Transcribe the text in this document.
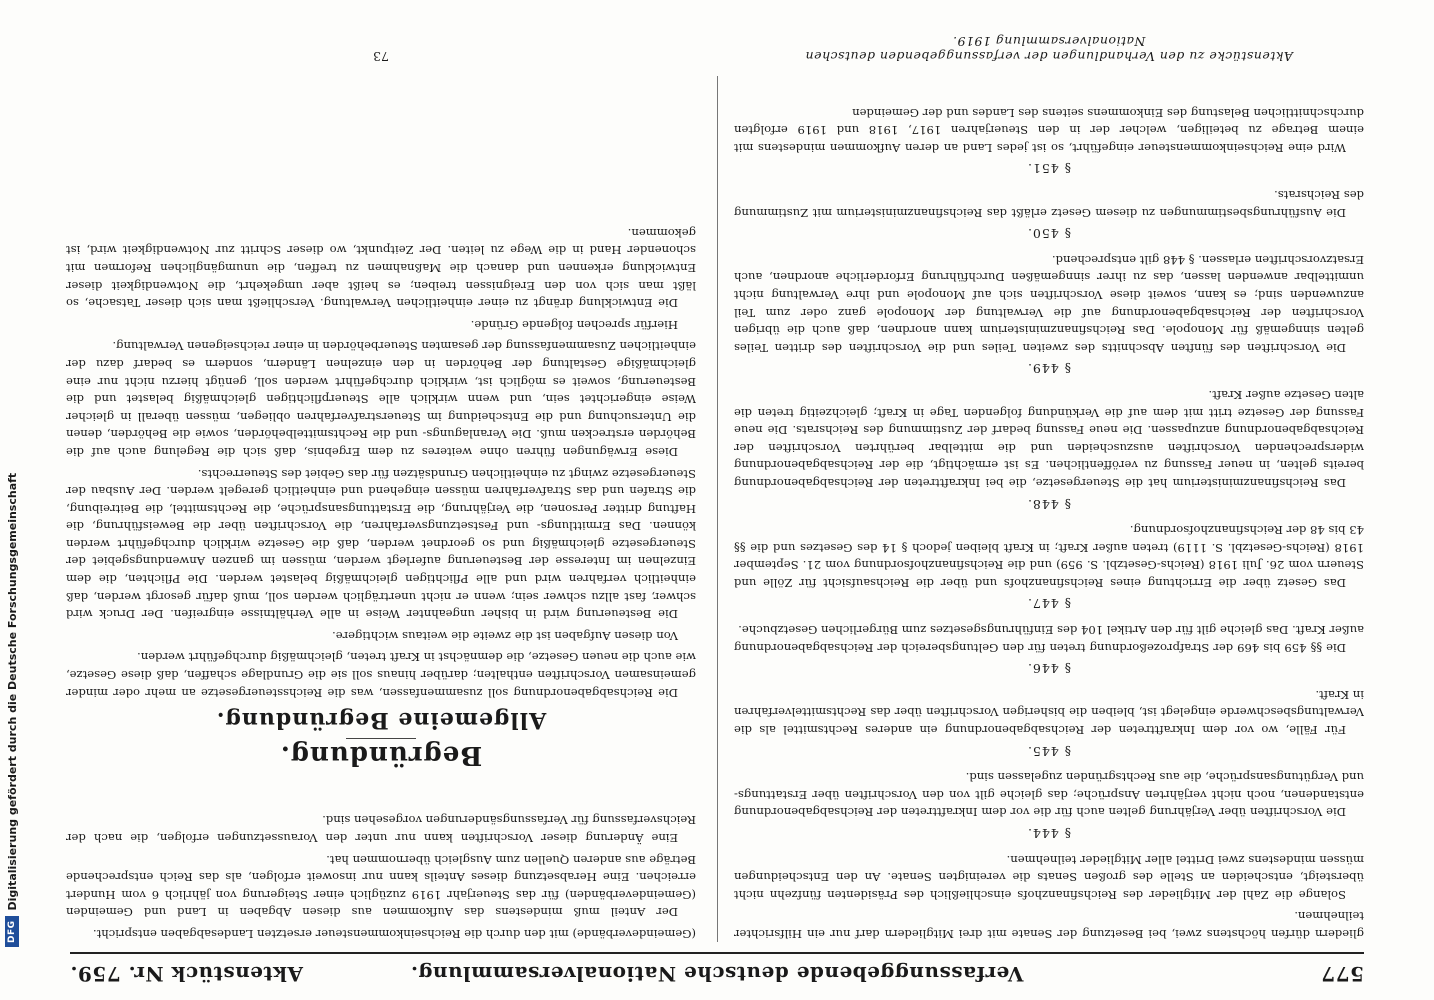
577
Verfassunggebende deutsche Nationalversammlung.
Aktenstück Nr. 759.

gliedern dürfen höchstens zwei, bei Besetzung der Senate mit drei Mitgliedern darf nur ein Hilfsrichter teilnehmen.

Solange die Zahl der Mitglieder des Reichsfinanzhofs einschließlich des Präsidenten fünfzehn nicht übersteigt, entscheiden an Stelle des großen Senats die vereinigten Senate. An den Entscheidungen müssen mindestens zwei Drittel aller Mitglieder teilnehmen.

§ 444.

Die Vorschriften über Verjährung gelten auch für die vor dem Inkrafttreten der Reichsabgabenordnung entstandenen, noch nicht verjährten Ansprüche; das gleiche gilt von den Vorschriften über Erstattungs- und Vergütungsansprüche, die aus Rechtsgründen zugelassen sind.

§ 445.

Für Fälle, wo vor dem Inkrafttreten der Reichsabgabenordnung ein anderes Rechtsmittel als die Verwaltungsbeschwerde eingelegt ist, bleiben die bisherigen Vorschriften über das Rechtsmittelverfahren in Kraft.

§ 446.

Die §§ 459 bis 469 der Strafprozeßordnung treten für den Geltungsbereich der Reichsabgabenordnung außer Kraft. Das gleiche gilt für den Artikel 104 des Einführungsgesetzes zum Bürgerlichen Gesetzbuche.

§ 447.

Das Gesetz über die Errichtung eines Reichsfinanzhofs und über die Reichsaufsicht für Zölle und Steuern vom 26. Juli 1918 (Reichs-Gesetzbl. S. 959) und die Reichsfinanzhofsordnung vom 21. September 1918 (Reichs-Gesetzbl. S. 1119) treten außer Kraft; in Kraft bleiben jedoch § 14 des Gesetzes und die §§ 43 bis 48 der Reichsfinanzhofsordnung.

§ 448.

Das Reichsfinanzministerium hat die Steuergesetze, die bei Inkrafttreten der Reichsabgabenordnung bereits gelten, in neuer Fassung zu veröffentlichen. Es ist ermächtigt, die der Reichsabgabenordnung widersprechenden Vorschriften auszuscheiden und die mittelbar berührten Vorschriften der Reichsabgabenordnung anzupassen. Die neue Fassung bedarf der Zustimmung des Reichsrats. Die neue Fassung der Gesetze tritt mit dem auf die Verkündung folgenden Tage in Kraft; gleichzeitig treten die alten Gesetze außer Kraft.

§ 449.

Die Vorschriften des fünften Abschnitts des zweiten Teiles und die Vorschriften des dritten Teiles gelten sinngemäß für Monopole. Das Reichsfinanzministerium kann anordnen, daß auch die übrigen Vorschriften der Reichsabgabenordnung auf die Verwaltung der Monopole ganz oder zum Teil anzuwenden sind; es kann, soweit diese Vorschriften sich auf Monopole und ihre Verwaltung nicht unmittelbar anwenden lassen, das zu ihrer sinngemäßen Durchführung Erforderliche anordnen, auch Ersatzvorschriften erlassen. § 448 gilt entsprechend.

§ 450.

Die Ausführungsbestimmungen zu diesem Gesetz erläßt das Reichsfinanzministerium mit Zustimmung des Reichsrats.

§ 451.

Wird eine Reichseinkommensteuer eingeführt, so ist jedes Land an deren Aufkommen mindestens mit einem Betrage zu beteiligen, welcher der in den Steuerjahren 1917, 1918 und 1919 erfolgten durchschnittlichen Belastung des Einkommens seitens des Landes und der Gemeinden

(Gemeindeverbände) mit den durch die Reichseinkommensteuer ersetzten Landesabgaben entspricht.

Der Anteil muß mindestens das Aufkommen aus diesen Abgaben in Land und Gemeinden (Gemeindeverbänden) für das Steuerjahr 1919 zuzüglich einer Steigerung von jährlich 6 vom Hundert erreichen. Eine Herabsetzung dieses Anteils kann nur insoweit erfolgen, als das Reich entsprechende Beträge aus anderen Quellen zum Ausgleich übernommen hat.

Eine Änderung dieser Vorschriften kann nur unter den Voraussetzungen erfolgen, die nach der Reichsverfassung für Verfassungsänderungen vorgesehen sind.

Begründung.
Allgemeine Begründung.

Die Reichsabgabenordnung soll zusammenfassen, was die Reichssteuergesetze an mehr oder minder gemeinsamen Vorschriften enthalten; darüber hinaus soll sie die Grundlage schaffen, daß diese Gesetze, wie auch die neuen Gesetze, die demnächst in Kraft treten, gleichmäßig durchgeführt werden.

Von diesen Aufgaben ist die zweite die weitaus wichtigere.

Die Besteuerung wird in bisher ungeahnter Weise in alle Verhältnisse eingreifen. Der Druck wird schwer, fast allzu schwer sein; wenn er nicht unerträglich werden soll, muß dafür gesorgt werden, daß einheitlich verfahren wird und alle Pflichtigen gleichmäßig belastet werden. Die Pflichten, die dem Einzelnen im Interesse der Besteuerung auferlegt werden, müssen im ganzen Anwendungsgebiet der Steuergesetze gleichmäßig und so geordnet werden, daß die Gesetze wirklich durchgeführt werden können. Das Ermittlungs- und Festsetzungsverfahren, die Vorschriften über die Beweisführung, die Haftung dritter Personen, die Verjährung, die Erstattungsansprüche, die Rechtsmittel, die Beitreibung, die Strafen und das Strafverfahren müssen eingehend und einheitlich geregelt werden. Der Ausbau der Steuergesetze zwingt zu einheitlichen Grundsätzen für das Gebiet des Steuerrechts.

Diese Erwägungen führen ohne weiteres zu dem Ergebnis, daß sich die Regelung auch auf die Behörden erstrecken muß. Die Veranlagungs- und die Rechtsmittelbehörden, sowie die Behörden, denen die Untersuchung und die Entscheidung im Steuerstrafverfahren obliegen, müssen überall in gleicher Weise eingerichtet sein, und wenn wirklich alle Steuerpflichtigen gleichmäßig belastet und die Besteuerung, soweit es möglich ist, wirklich durchgeführt werden soll, genügt hierzu nicht nur eine gleichmäßige Gestaltung der Behörden in den einzelnen Ländern, sondern es bedarf dazu der einheitlichen Zusammenfassung der gesamten Steuerbehörden in einer reichseigenen Verwaltung.

Hierfür sprechen folgende Gründe.

Die Entwicklung drängt zu einer einheitlichen Verwaltung. Verschließt man sich dieser Tatsache, so läßt man sich von den Ereignissen treiben; es heißt aber umgekehrt, die Notwendigkeit dieser Entwicklung erkennen und danach die Maßnahmen zu treffen, die unumgänglichen Reformen mit schonender Hand in die Wege zu leiten. Der Zeitpunkt, wo dieser Schritt zur Notwendigkeit wird, ist gekommen.

Aktenstücke zu den Verhandlungen der verfassunggebenden deutschen Nationalversammlung 1919.
73
DFG
Digitalisierung gefördert durch die Deutsche Forschungsgemeinschaft
